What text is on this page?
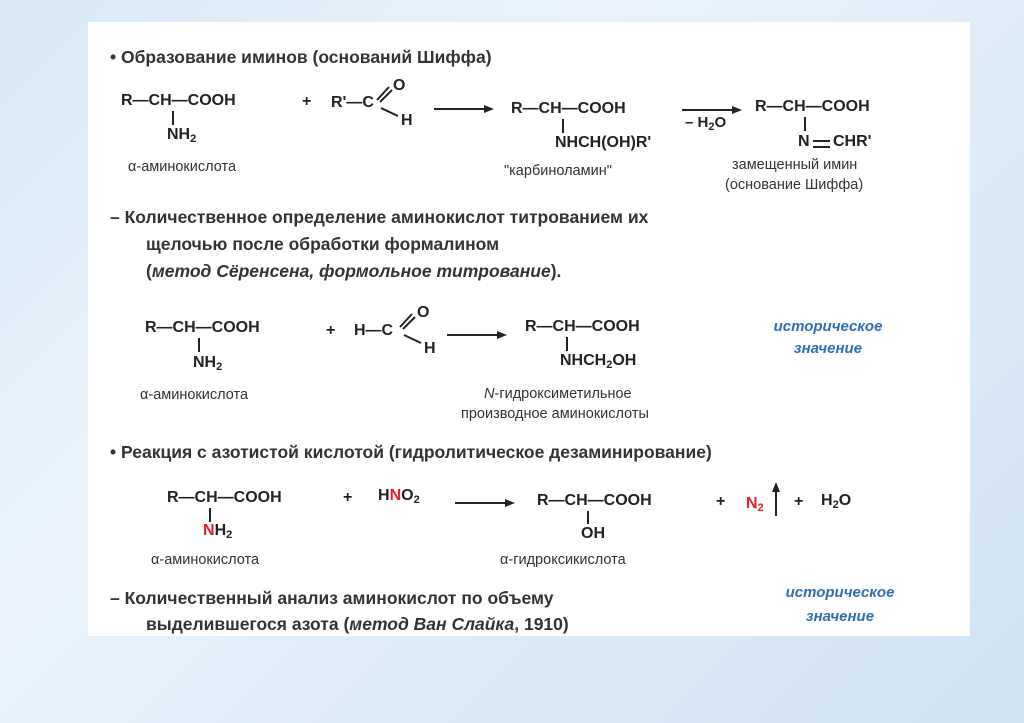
• Образование иминов (оснований Шиффа)
R—CH—COOH
$NH_2$
+ R'—C
O
H
R—CH—COOH
NHCH(OH)R'
– $H_2O$
R—CH—COOH
N CHR'
α-аминокислота	"карбиноламин"	замещенный имин
(основание Шиффа)
– Количественное определение аминокислот титрованием их
щелочью после обработки формалином
(метод Сёренсена, формольное титрование).
R—CH—COOH
$NH_2$
+ H—C
O
H
R—CH—COOH
$NHCH_2OH$
историческое
значение
α-аминокислота	N-гидроксиметильное
производное аминокислоты
• Реакция с азотистой кислотой (гидролитическое дезаминирование)
R—CH—COOH
$NH_2$
+ $HNO_2$	R—CH—COOH
OH
+ $N_2 + H_2O$
α-аминокислота	α-гидроксикислота
– Количественный анализ аминокислот по объему
выделившегося азота (метод Ван Слайка, 1910)
историческое
значение
